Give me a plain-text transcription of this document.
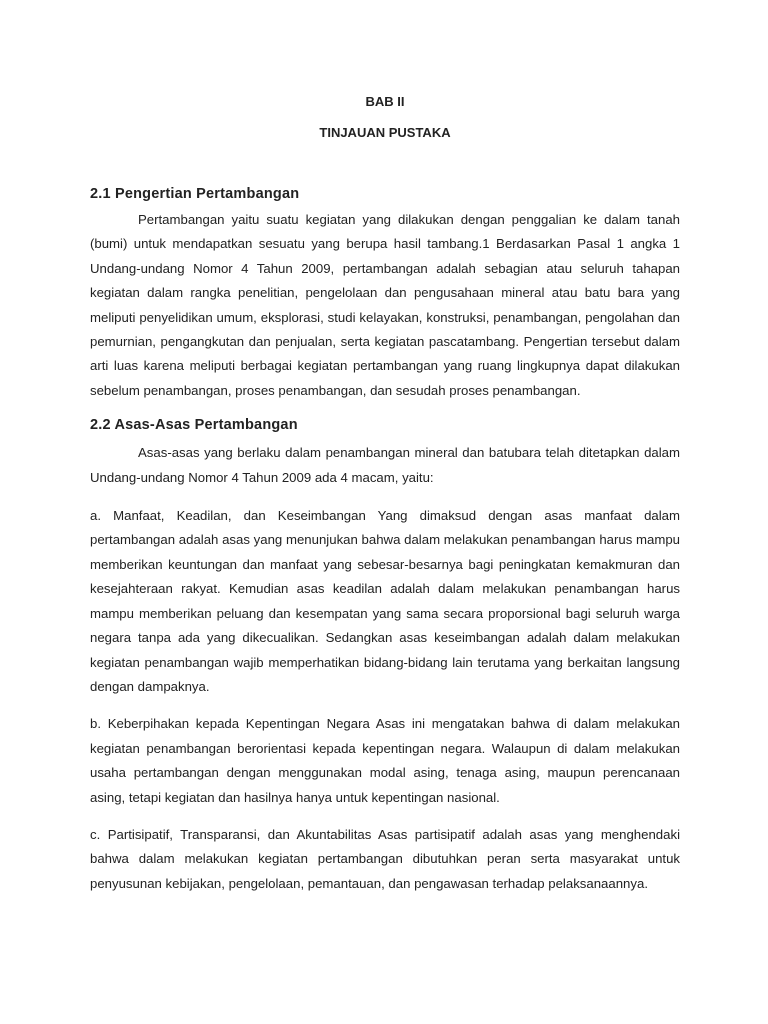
BAB II
TINJAUAN PUSTAKA
2.1 Pengertian Pertambangan

Pertambangan yaitu suatu kegiatan yang dilakukan dengan penggalian ke dalam tanah (bumi) untuk mendapatkan sesuatu yang berupa hasil tambang.1 Berdasarkan Pasal 1 angka 1 Undang-undang Nomor 4 Tahun 2009, pertambangan adalah sebagian atau seluruh tahapan kegiatan dalam rangka penelitian, pengelolaan dan pengusahaan mineral atau batu bara yang meliputi penyelidikan umum, eksplorasi, studi kelayakan, konstruksi, penambangan, pengolahan dan pemurnian, pengangkutan dan penjualan, serta kegiatan pascatambang. Pengertian tersebut dalam arti luas karena meliputi berbagai kegiatan pertambangan yang ruang lingkupnya dapat dilakukan sebelum penambangan, proses penambangan, dan sesudah proses penambangan.

2.2 Asas-Asas Pertambangan

Asas-asas yang berlaku dalam penambangan mineral dan batubara telah ditetapkan dalam Undang-undang Nomor 4 Tahun 2009 ada 4 macam, yaitu:

a. Manfaat, Keadilan, dan Keseimbangan Yang dimaksud dengan asas manfaat dalam pertambangan adalah asas yang menunjukan bahwa dalam melakukan penambangan harus mampu memberikan keuntungan dan manfaat yang sebesar-besarnya bagi peningkatan kemakmuran dan kesejahteraan rakyat. Kemudian asas keadilan adalah dalam melakukan penambangan harus mampu memberikan peluang dan kesempatan yang sama secara proporsional bagi seluruh warga negara tanpa ada yang dikecualikan. Sedangkan asas keseimbangan adalah dalam melakukan kegiatan penambangan wajib memperhatikan bidang-bidang lain terutama yang berkaitan langsung dengan dampaknya.

b. Keberpihakan kepada Kepentingan Negara Asas ini mengatakan bahwa di dalam melakukan kegiatan penambangan berorientasi kepada kepentingan negara. Walaupun di dalam melakukan usaha pertambangan dengan menggunakan modal asing, tenaga asing, maupun perencanaan asing, tetapi kegiatan dan hasilnya hanya untuk kepentingan nasional.

c. Partisipatif, Transparansi, dan Akuntabilitas Asas partisipatif adalah asas yang menghendaki bahwa dalam melakukan kegiatan pertambangan dibutuhkan peran serta masyarakat untuk penyusunan kebijakan, pengelolaan, pemantauan, dan pengawasan terhadap pelaksanaannya.
